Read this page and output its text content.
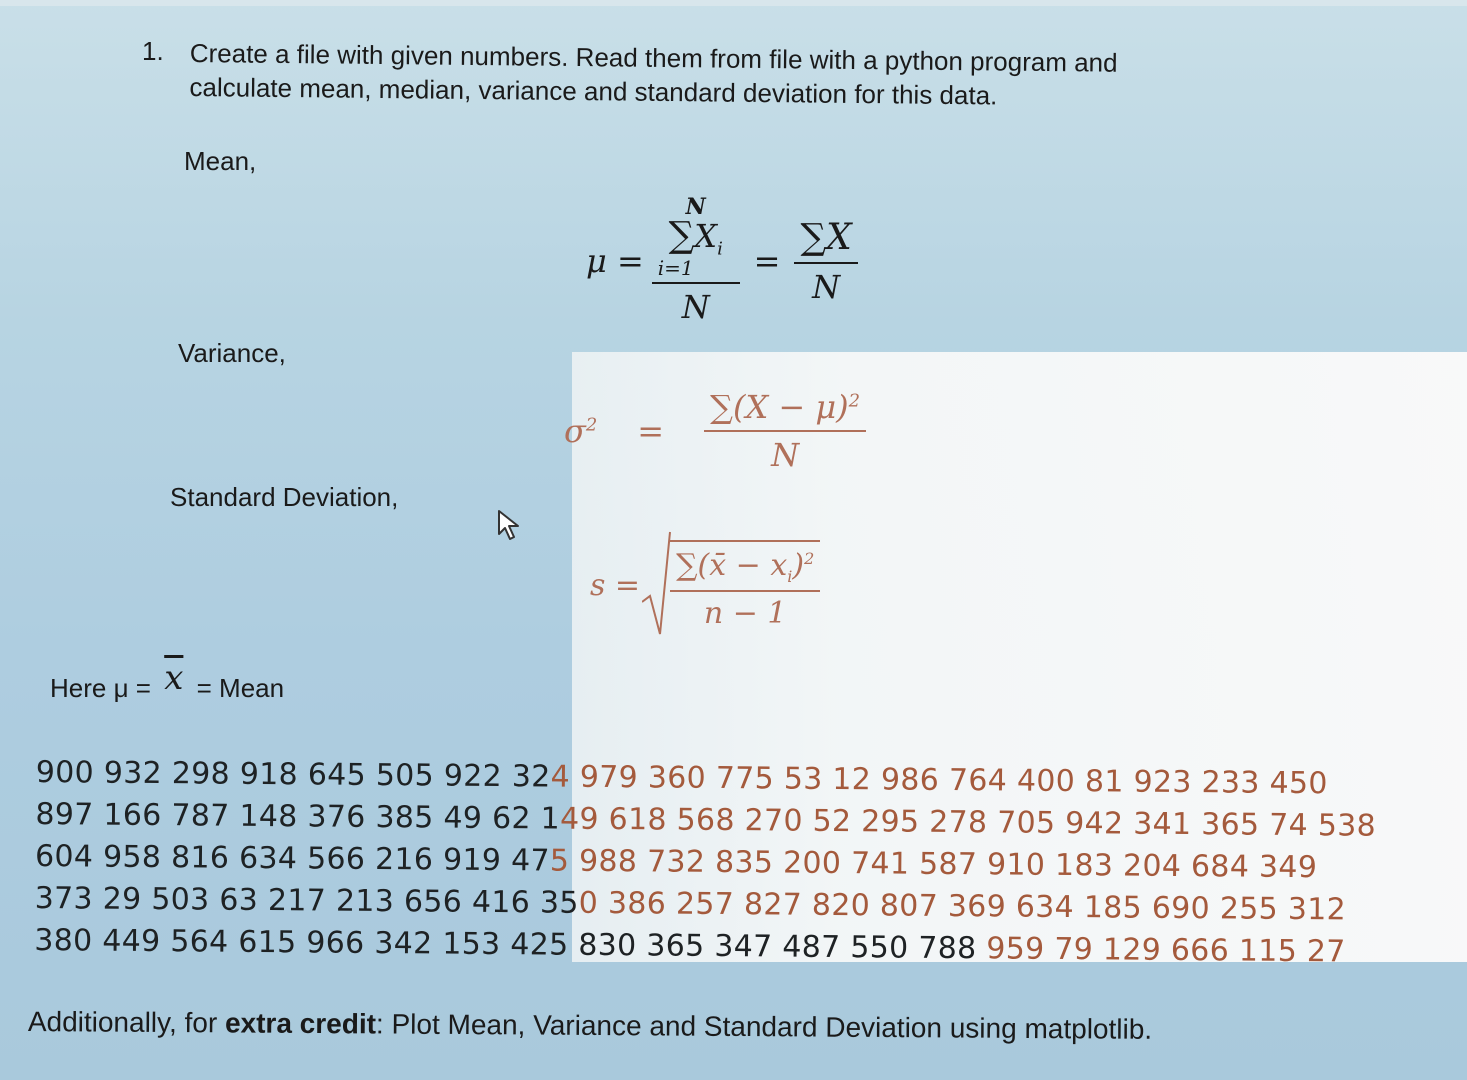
1. Create a file with given numbers. Read them from file with a python program and
calculate mean, median, variance and standard deviation for this data.
Mean,
Variance,
Standard Deviation,
μ = N
$\sum X_i$
i=1
$N = \frac{\sum X}{N}$
$\sigma^2 = \frac{\sum(X - \mu)^2}{N}$
$s = \frac{\sum(x̄ - x_i)^2}{n - 1}$
Here $\mu = \overline{x}$ = Mean
900 932 298 918 645 505 922 324 979 360 775 53 12 986 764 400 81 923 233 450
897 166 787 148 376 385 49 62 149 618 568 270 52 295 278 705 942 341 365 74 538
604 958 816 634 566 216 919 475 988 732 835 200 741 587 910 183 204 684 349
373 29 503 63 217 213 656 416 350 386 257 827 820 807 369 634 185 690 255 312
380 449 564 615 966 342 153 425 830 365 347 487 550 788 959 79 129 666 115 27
Additionally, for extra credit: Plot Mean, Variance and Standard Deviation using matplotlib.
